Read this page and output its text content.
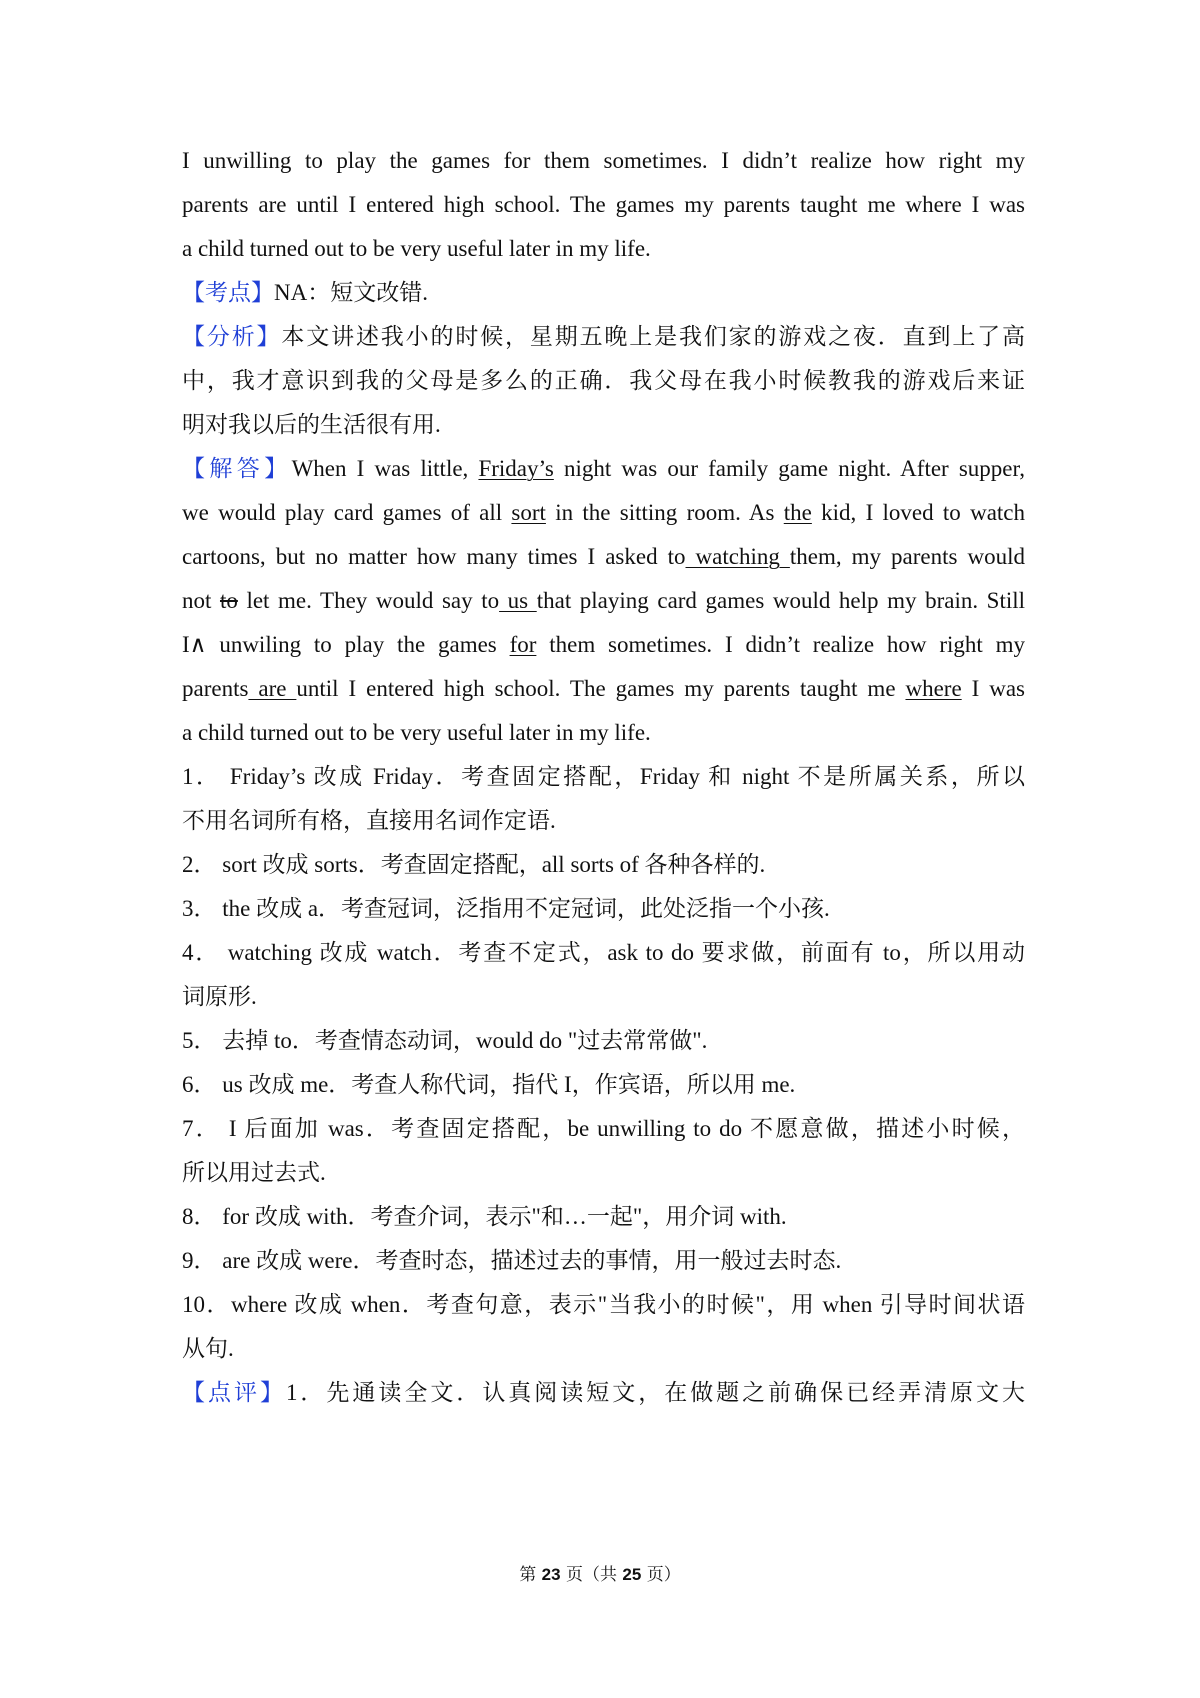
I unwilling to play the games for them sometimes. I didn’t realize how right my
parents are until I entered high school. The games my parents taught me where I was
a child turned out to be very useful later in my life.
【考点】NA：短文改错.
【分析】本文讲述我小的时候，星期五晚上是我们家的游戏之夜．直到上了高
中，我才意识到我的父母是多么的正确．我父母在我小时候教我的游戏后来证
明对我以后的生活很有用.
【解答】When I was little, Friday’s night was our family game night. After supper,
we would play card games of all sort in the sitting room. As the kid, I loved to watch
cartoons, but no matter how many times I asked to watching them, my parents would
not to let me. They would say to us that playing card games would help my brain. Still
I∧ unwiling to play the games for them sometimes. I didn’t realize how right my
parents are until I entered high school. The games my parents taught me where I was
a child turned out to be very useful later in my life.
1． Friday’s 改成 Friday．考查固定搭配，Friday 和 night 不是所属关系，所以
不用名词所有格，直接用名词作定语.
2． sort 改成 sorts．考查固定搭配，all sorts of 各种各样的.
3． the 改成 a．考查冠词，泛指用不定冠词，此处泛指一个小孩.
4． watching 改成 watch．考查不定式，ask to do 要求做，前面有 to，所以用动
词原形.
5． 去掉 to．考查情态动词，would do "过去常常做".
6． us 改成 me．考查人称代词，指代 I，作宾语，所以用 me.
7． I 后面加 was．考查固定搭配，be unwilling to do 不愿意做，描述小时候，
所以用过去式.
8． for 改成 with．考查介词，表示"和…一起"，用介词 with.
9． are 改成 were．考查时态，描述过去的事情，用一般过去时态.
10．where 改成 when．考查句意，表示"当我小的时候"，用 when 引导时间状语
从句.
【点评】1．先通读全文．认真阅读短文，在做题之前确保已经弄清原文大
第 23 页（共 25 页）
